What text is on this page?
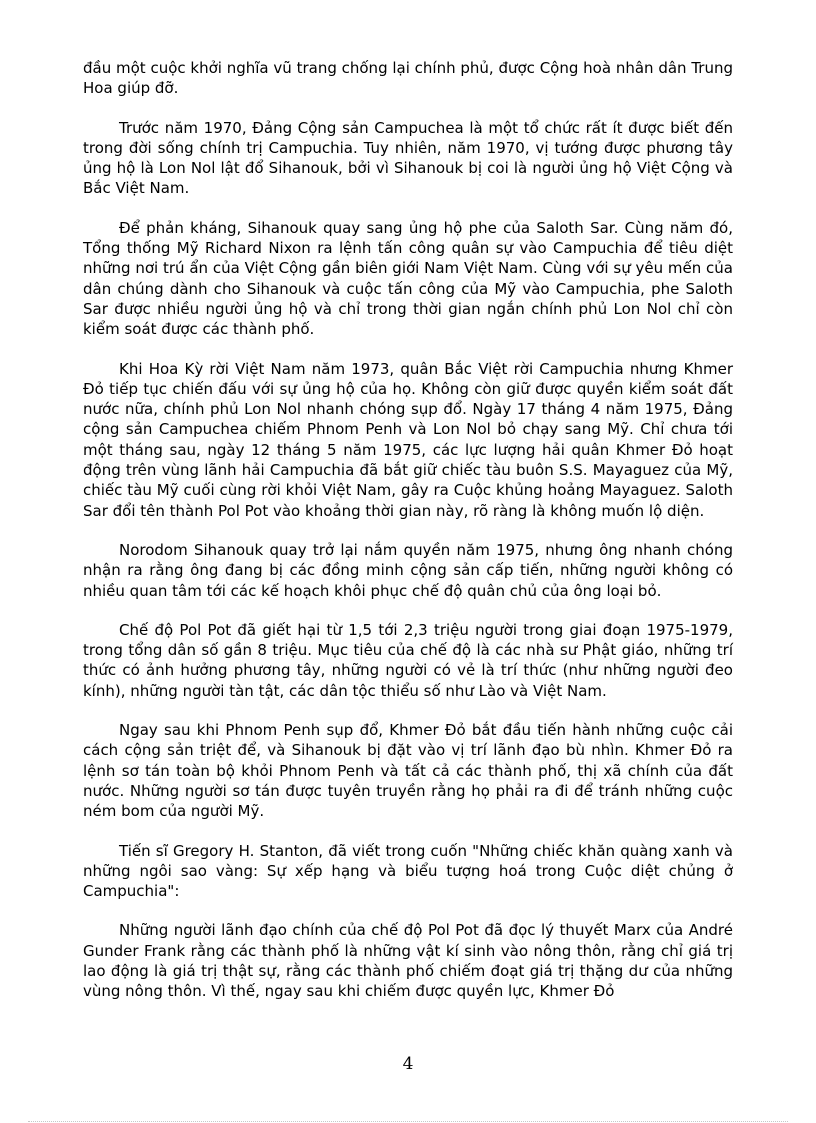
đầu một cuộc khởi nghĩa vũ trang chống lại chính phủ, được Cộng hoà nhân dân Trung Hoa giúp đỡ.

Trước năm 1970, Đảng Cộng sản Campuchea là một tổ chức rất ít được biết đến trong đời sống chính trị Campuchia. Tuy nhiên, năm 1970, vị tướng được phương tây ủng hộ là Lon Nol lật đổ Sihanouk, bởi vì Sihanouk bị coi là người ủng hộ Việt Cộng và Bắc Việt Nam.

Để phản kháng, Sihanouk quay sang ủng hộ phe của Saloth Sar. Cùng năm đó, Tổng thống Mỹ Richard Nixon ra lệnh tấn công quân sự vào Campuchia để tiêu diệt những nơi trú ẩn của Việt Cộng gần biên giới Nam Việt Nam. Cùng với sự yêu mến của dân chúng dành cho Sihanouk và cuộc tấn công của Mỹ vào Campuchia, phe Saloth Sar được nhiều người ủng hộ và chỉ trong thời gian ngắn chính phủ Lon Nol chỉ còn kiểm soát được các thành phố.

Khi Hoa Kỳ rời Việt Nam năm 1973, quân Bắc Việt rời Campuchia nhưng Khmer Đỏ tiếp tục chiến đấu với sự ủng hộ của họ. Không còn giữ được quyền kiểm soát đất nước nữa, chính phủ Lon Nol nhanh chóng sụp đổ. Ngày 17 tháng 4 năm 1975, Đảng cộng sản Campuchea chiếm Phnom Penh và Lon Nol bỏ chạy sang Mỹ. Chỉ chưa tới một tháng sau, ngày 12 tháng 5 năm 1975, các lực lượng hải quân Khmer Đỏ hoạt động trên vùng lãnh hải Campuchia đã bắt giữ chiếc tàu buôn S.S. Mayaguez của Mỹ, chiếc tàu Mỹ cuối cùng rời khỏi Việt Nam, gây ra Cuộc khủng hoảng Mayaguez. Saloth Sar đổi tên thành Pol Pot vào khoảng thời gian này, rõ ràng là không muốn lộ diện.

Norodom Sihanouk quay trở lại nắm quyền năm 1975, nhưng ông nhanh chóng nhận ra rằng ông đang bị các đồng minh cộng sản cấp tiến, những người không có nhiều quan tâm tới các kế hoạch khôi phục chế độ quân chủ của ông loại bỏ.

Chế độ Pol Pot đã giết hại từ 1,5 tới 2,3 triệu người trong giai đoạn 1975-1979, trong tổng dân số gần 8 triệu. Mục tiêu của chế độ là các nhà sư Phật giáo, những trí thức có ảnh hưởng phương tây, những người có vẻ là trí thức (như những người đeo kính), những người tàn tật, các dân tộc thiểu số như Lào và Việt Nam.

Ngay sau khi Phnom Penh sụp đổ, Khmer Đỏ bắt đầu tiến hành những cuộc cải cách cộng sản triệt để, và Sihanouk bị đặt vào vị trí lãnh đạo bù nhìn. Khmer Đỏ ra lệnh sơ tán toàn bộ khỏi Phnom Penh và tất cả các thành phố, thị xã chính của đất nước. Những người sơ tán được tuyên truyền rằng họ phải ra đi để tránh những cuộc ném bom của người Mỹ.

Tiến sĩ Gregory H. Stanton, đã viết trong cuốn "Những chiếc khăn quàng xanh và những ngôi sao vàng: Sự xếp hạng và biểu tượng hoá trong Cuộc diệt chủng ở Campuchia":

Những người lãnh đạo chính của chế độ Pol Pot đã đọc lý thuyết Marx của André Gunder Frank rằng các thành phố là những vật kí sinh vào nông thôn, rằng chỉ giá trị lao động là giá trị thật sự, rằng các thành phố chiếm đoạt giá trị thặng dư của những vùng nông thôn. Vì thế, ngay sau khi chiếm được quyền lực, Khmer Đỏ

4
